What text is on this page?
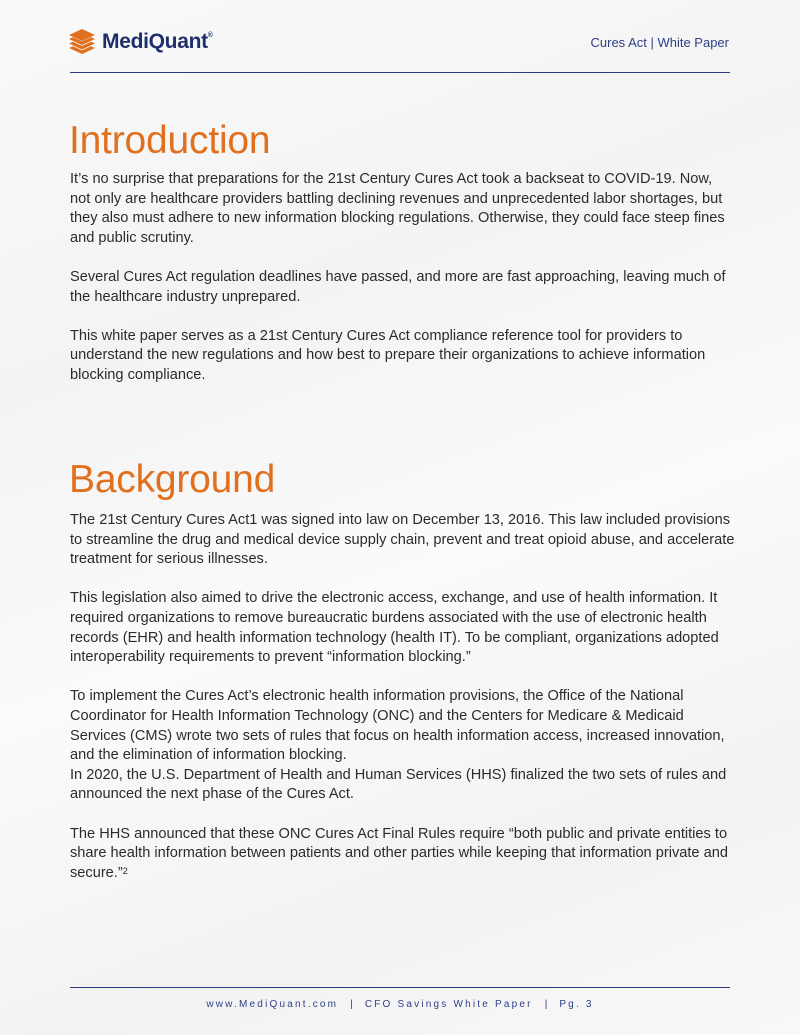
MediQuant®	Cures Act | White Paper
Introduction

It’s no surprise that preparations for the 21st Century Cures Act took a backseat to COVID-19. Now, not only are healthcare providers battling declining revenues and unprecedented labor shortages, but they also must adhere to new information blocking regulations. Otherwise, they could face steep fines and public scrutiny.

Several Cures Act regulation deadlines have passed, and more are fast approaching, leaving much of the healthcare industry unprepared.

This white paper serves as a 21st Century Cures Act compliance reference tool for providers to understand the new regulations and how best to prepare their organizations to achieve information blocking compliance.

Background

The 21st Century Cures Act1 was signed into law on December 13, 2016. This law included provisions to streamline the drug and medical device supply chain, prevent and treat opioid abuse, and accelerate treatment for serious illnesses.

This legislation also aimed to drive the electronic access, exchange, and use of health information. It required organizations to remove bureaucratic burdens associated with the use of electronic health records (EHR) and health information technology (health IT). To be compliant, organizations adopted interoperability requirements to prevent “information blocking.”

To implement the Cures Act’s electronic health information provisions, the Office of the National Coordinator for Health Information Technology (ONC) and the Centers for Medicare & Medicaid Services (CMS) wrote two sets of rules that focus on health information access, increased innovation, and the elimination of information blocking.

In 2020, the U.S. Department of Health and Human Services (HHS) finalized the two sets of rules and announced the next phase of the Cures Act.

The HHS announced that these ONC Cures Act Final Rules require “both public and private entities to share health information between patients and other parties while keeping that information private and secure.”$^2$

www.MediQuant.com | CFO Savings White Paper | Pg. 3
